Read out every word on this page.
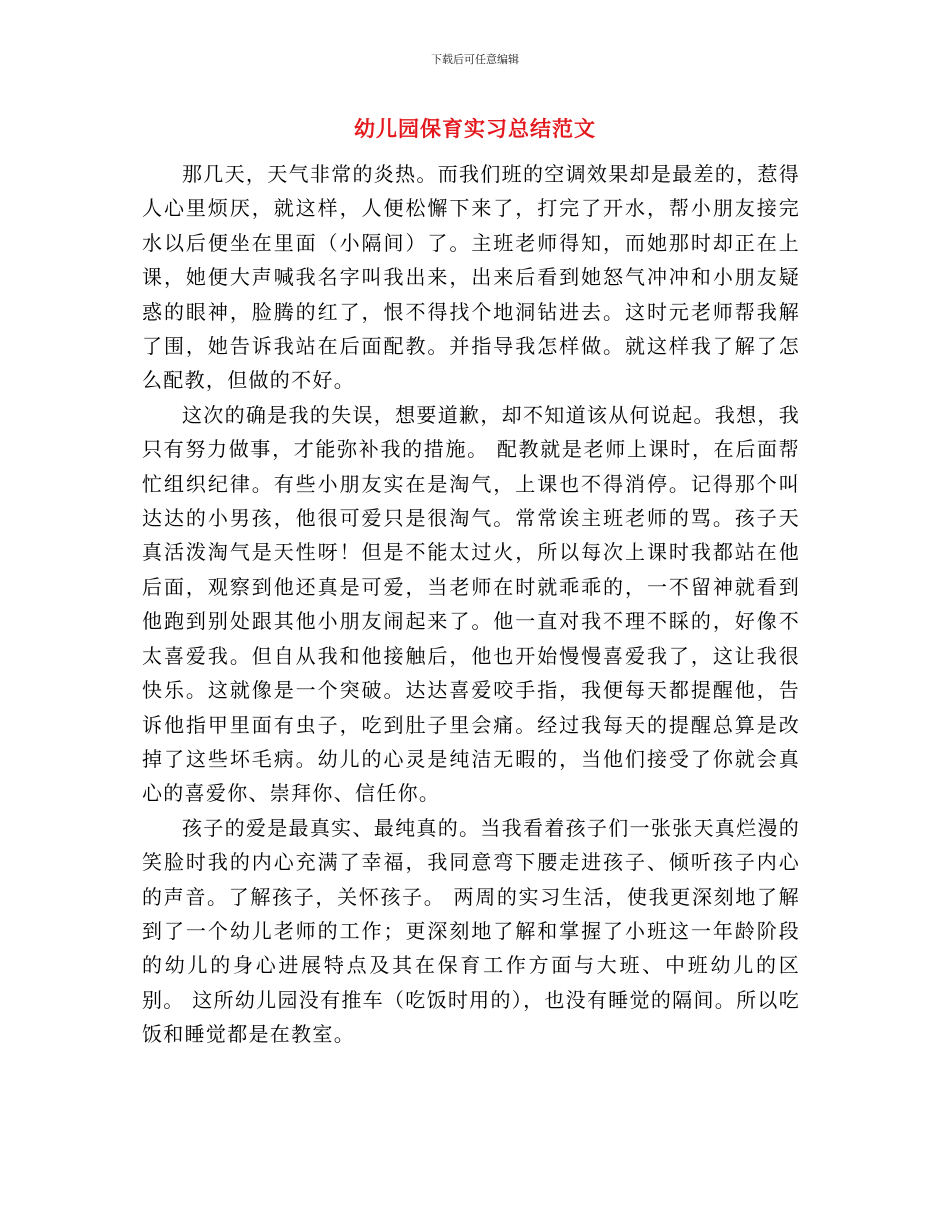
下载后可任意编辑
幼儿园保育实习总结范文

那几天，天气非常的炎热。而我们班的空调效果却是最差的，惹得人心里烦厌，就这样，人便松懈下来了，打完了开水，帮小朋友接完水以后便坐在里面（小隔间）了。主班老师得知，而她那时却正在上课，她便大声喊我名字叫我出来，出来后看到她怒气冲冲和小朋友疑惑的眼神，脸腾的红了，恨不得找个地洞钻进去。这时元老师帮我解了围，她告诉我站在后面配教。并指导我怎样做。就这样我了解了怎么配教，但做的不好。

这次的确是我的失误，想要道歉，却不知道该从何说起。我想，我只有努力做事，才能弥补我的措施。 配教就是老师上课时，在后面帮忙组织纪律。有些小朋友实在是淘气，上课也不得消停。记得那个叫达达的小男孩，他很可爱只是很淘气。常常诶主班老师的骂。孩子天真活泼淘气是天性呀！但是不能太过火，所以每次上课时我都站在他后面，观察到他还真是可爱，当老师在时就乖乖的，一不留神就看到他跑到别处跟其他小朋友闹起来了。他一直对我不理不睬的，好像不太喜爱我。但自从我和他接触后，他也开始慢慢喜爱我了，这让我很快乐。这就像是一个突破。达达喜爱咬手指，我便每天都提醒他，告诉他指甲里面有虫子，吃到肚子里会痛。经过我每天的提醒总算是改掉了这些坏毛病。幼儿的心灵是纯洁无暇的，当他们接受了你就会真心的喜爱你、崇拜你、信任你。

孩子的爱是最真实、最纯真的。当我看着孩子们一张张天真烂漫的笑脸时我的内心充满了幸福，我同意弯下腰走进孩子、倾听孩子内心的声音。了解孩子，关怀孩子。 两周的实习生活，使我更深刻地了解到了一个幼儿老师的工作；更深刻地了解和掌握了小班这一年龄阶段的幼儿的身心进展特点及其在保育工作方面与大班、中班幼儿的区别。 这所幼儿园没有推车（吃饭时用的），也没有睡觉的隔间。所以吃饭和睡觉都是在教室。
